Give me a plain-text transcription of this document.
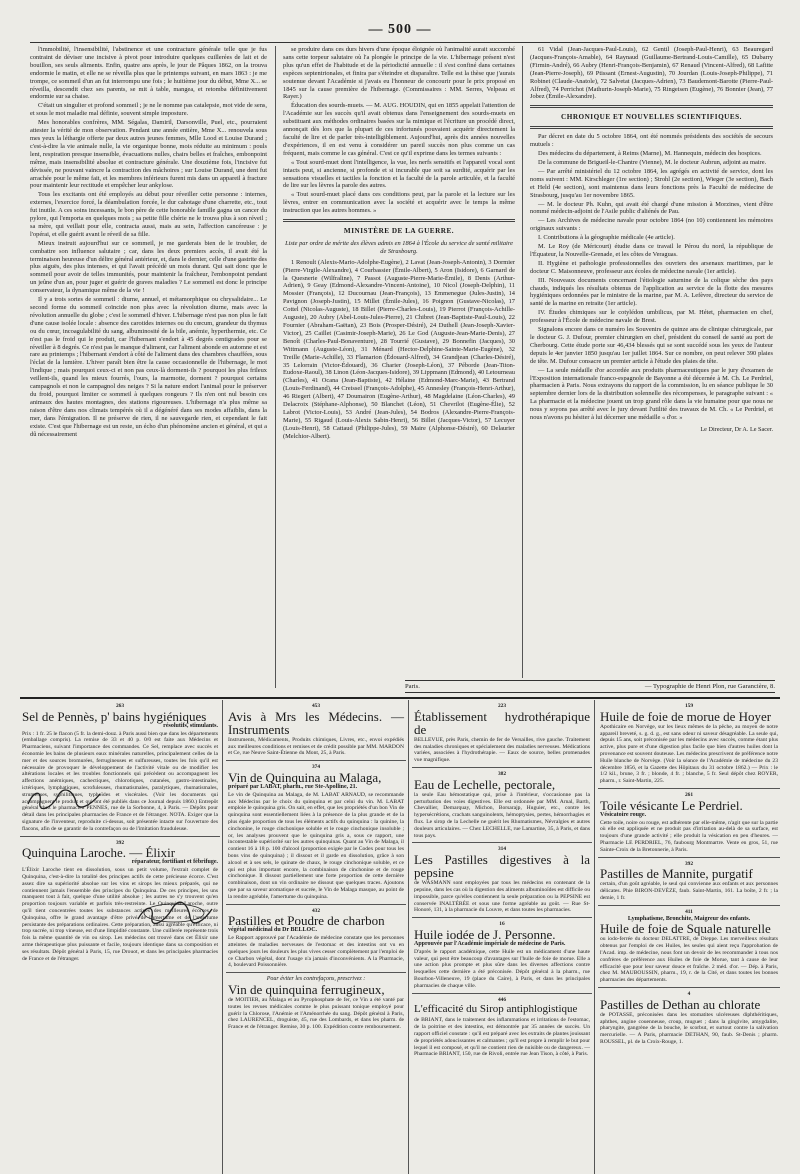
— 500 —

l'immobilité, l'insensibilité, l'abstinence et une contracture générale telle que je fus contraint de déviser une incisive à pivot pour introduire quelques cuillerées de lait et de bouillon, ses seuls aliments. Enfin, quatre ans après, le jour de Pâques 1862, on la trouva endormie le matin, et elle ne se réveilla plus que le printemps suivant, en mars 1863 : je me trompe, ce sommeil d'un an fut interrompu une fois ; le huitième jour du début, Mme X... se réveilla, descendit chez ses parents, se mit à table, mangea, et retomba définitivement endormie sur sa chaise.

C'était un singulier et profond sommeil ; je ne le nomme pas catalepsie, mot vide de sens, et sous le mot maladie mal définie, souvent simple imposture.

Mes honorables confrères, MM. Ségalas, Damiril, Darsonville, Puel, etc., pourraient attester la vérité de mon observation. Pendant une année entière, Mme X... renouvela sous mes yeux la léthargie offerte par deux autres jeunes femmes, Mlle Lood et Louise Durand ; c'est-à-dire la vie animale nulle, la vie organique bonne, mois réduite au minimum : pouls lent, respiration presque insensible, évacuations nulles, chairs belles et fraîches, embonpoint même, mais insensibilité absolue et contracture générale. Une douzième fois, l'incisive fut dévissée, ne pouvant vaincre la contraction des mâchoires ; sur Louise Durand, une dent fut arrachée pour le même fait, et les membres inférieurs furent mis dans un appareil à fracture pour maintenir leur rectitude et empêcher leur ankylose.

Tous les excitants ont été employés au début pour réveiller cette personne : internes, externes, l'exercice forcé, la déambulation forcée, le dur cahotage d'une charrette, etc., tout fut inutile. A ces soins incessants, le bon père de cette honorable famille gagna un cancer du pylore, qui l'emporta en quelques mois ; sa petite fille chérie ne le trouva plus à son réveil ; sa mère, qui veillait pour elle, contracta aussi, mais au sein, l'affection cancéreuse : je l'opérai, et elle guérit avant le réveil de sa fille.

Mieux instruit aujourd'hui sur ce sommeil, je me garderais bien de le troubler, de combattre son influence salutaire ; car, dans les deux premiers accès, il avait été la terminaison heureuse d'un délire général antérieur, et, dans le dernier, celle d'une gastrite des plus aiguës, des plus intenses, et qui l'avait précédé un mois durant. Qui sait donc que le sommeil pour avoir de telles immunités, pour maintenir la fraîcheur, l'embonpoint pendant un jeûne d'un an, pour juger et guérir de graves maladies ? Le sommeil est donc le principe conservateur, la dynamique même de la vie !

Il y a trois sortes de sommeil : diurne, annuel, et métamorphique ou chrysalidaire... Le second forme du sommeil coïncide non plus avec la révolution diurne, mais avec la révolution annuelle du globe ; c'est le sommeil d'hiver. L'hibernage n'est pas non plus le fait d'une cause isolée locale : absence des carotides internes ou du cœcum, grandeur du thymus ou du cœur, incoagulabilité du sang, albuminosité de la bile, anémie, hyperthermie, etc. Ce n'est pas le froid qui le produit, car l'hibernant s'endort à 45 degrés centigrades pour se réveiller à 8 degrés. Ce n'est pas le manque d'aliment, car l'aliment abonde en automne et est rare au printemps ; l'hibernant s'endort à côté de l'aliment dans des chambres chauffées, sous l'éclat de la lumière. L'hiver paraît bien être la cause occasionnelle de l'hibernage, le mot l'indique ; mais pourquoi ceux-ci et non pas ceux-là dorment-ils ? pourquoi les plus frileux veillent-ils, quand les mieux fourrés, l'ours, la marmotte, dorment ? pourquoi certains campagnols et non le campagnol des neiges ? Si la nature endort l'animal pour le préserver du froid, pourquoi limiter ce sommeil à quelques rongeurs ? Ils n'en ont nul besoin ces animaux des hautes montagnes, des stations rigoureuses. L'hibernage n'a plus même sa raison d'être dans nos climats tempérés où il a dégénéré dans ses modes affaiblis, dans la mer, dans l'émigration. Il ne préserve de rien, il ne sauvegarde rien, et cependant le fait existe. C'est que l'hibernage est un reste, un écho d'un phénomène ancien et général, et qui a dû nécessairement

se produire dans ces durs hivers d'une époque éloignée où l'animalité aurait succombé sans cette torpeur salutaire où l'a plongée le principe de la vie. L'hibernage présent n'est plus qu'un effet de l'habitude et de la périodicité annuelle : il s'est confiné dans certaines espèces septentrionales, et finira par s'éteindre et disparaître. Telle est la thèse que j'aurais soutenue devant l'Académie si j'avais eu l'honneur de concourir pour le prix proposé en 1845 sur la cause première de l'hibernage. (Commissaires : MM. Serres, Velpeau et Rayer.)

Éducation des sourds-muets. — M. AUG. HOUDIN, qui en 1855 appelait l'attention de l'Académie sur les succès qu'il avait obtenus dans l'enseignement des sourds-muets en substituant aux méthodes ordinaires basées sur la mimique et l'écriture un procédé direct, annonçait dès lors que la plupart de ces infortunés pouvaient acquérir directement la faculté de lire et de parler très-intelligiblement. Aujourd'hui, après dix années nouvelles d'expériences, il en est venu à considérer un pareil succès non plus comme un cas fréquent, mais comme le cas général. C'est ce qu'il exprime dans les termes suivants :

« Tout sourd-muet dont l'intelligence, la vue, les nerfs sensitifs et l'appareil vocal sont intacts peut, si ancienne, si profonde et si incurable que soit sa surdité, acquérir par les sensations visuelles et tactiles la fonction et la faculté de la parole articulée, et la faculté de lire sur les lèvres la parole des autres.

« Tout sourd-muet placé dans ces conditions peut, par la parole et la lecture sur les lèvres, entrer en communication avec la société et acquérir avec le temps la même instruction que les autres hommes. »

MINISTÈRE DE LA GUERRE.
Liste par ordre de mérite des élèves admis en 1864 à l'École du service de santé militaire de Strasbourg.

1 Renoult (Alexis-Mario-Adolphe-Eugène), 2 Lavat (Jean-Joseph-Antonin), 3 Dormier (Pierre-Virgile-Alexandre), 4 Courbassier (Émile-Albert), 5 Aron (Isidore), 6 Garnard de la Quesnerie (Wilfraline), 7 Passot (Auguste-Pierre-Marie-Émile), 8 Denis (Arthur-Adrien), 9 Geay (Edmond-Alexandre-Vincent-Antoine), 10 Nicol (Joseph-Delphin), 11 Mossier (François), 12 Ducournau (Jean-François), 13 Emmenegue (Jules-Justin), 14 Pavignon (Joseph-Justin), 15 Millet (Émile-Jules), 16 Poignon (Gustave-Nicolas), 17 Cottel (Nicolas-Auguste), 18 Billet (Pierre-Charles-Louis), 19 Pierrot (François-Achille-Auguste), 20 Aubry (Abel-Louis-Jules-Pierre), 21 Chibret (Jean-Baptiste-Paul-Louis), 22 Fournier (Abraham-Gaëtan), 23 Bois (Prosper-Désiré), 24 Duthell (Jean-Joseph-Xavier-Victor), 25 Caillet (Casimir-Joseph-Marie), 26 Le God (Auguste-Jean-Marie-Denis), 27 Benoît (Charles-Paul-Bonaventure), 28 Tourrié (Gustave), 29 Bonnefin (Jacques), 30 Wittmann (Auguste-Léon), 31 Ménard (Hector-Delphine-Sainte-Marie-Eugène), 32 Treille (Marie-Achille), 33 Flamarion (Édouard-Alfred), 34 Grandjean (Charles-Désiré), 35 Lelorrain (Victor-Édouard), 36 Charier (Joseph-Léon), 37 Péborde (Jean-Titon-Eudoxe-Raoul), 38 Linon (Léon-Jacques-Isidore), 39 Lippmann (Edmond), 40 Letourneau (Charles), 41 Ocana (Jean-Baptiste), 42 Hélaine (Edmond-Marc-Marie), 43 Bertrand (Louis-Ferdinand), 44 Creissel (François-Adolphe), 45 Annesley (François-Henri-Arthur), 46 Riegert (Albert), 47 Doumairon (Eugène-Arthur), 48 Magdelaine (Léon-Charles), 49 Delacroix (Stéphane-Alphonse), 50 Blanchet (Léon), 51 Chevrilot (Eugène-Élie), 52 Labrot (Victor-Louis), 53 André (Jean-Jules), 54 Bodros (Alexandre-Pierre-François-Marie), 55 Rigaud (Louis-Alexis Sabin-Henri), 56 Billet (Jacques-Victor), 57 Lecuyer (Louis-Henri), 58 Cattaud (Philippe-Jules), 59 Maire (Alphonse-Désiré), 60 Delaurier (Melchior-Albert).

61 Vidal (Jean-Jacques-Paul-Louis), 62 Gentil (Joseph-Paul-Henri), 63 Beauregard (Jacques-François-Amable), 64 Raynaud (Guillaume-Bertrand-Louis-Camille), 65 Dubarry (Firmin-André), 66 Aubry (Henri-François-Benjamin), 67 Renaud (Vincent-Alfred), 68 Lafitte (Jean-Pierre-Joseph), 69 Ptissant (Ernest-Augustin), 70 Jourdan (Louis-Joseph-Philippe), 71 Robinet (Claude-Anatole), 72 Salvetat (Jacques-Adrien), 73 Baudemont-Barotte (Pierre-Paul-Alfred), 74 Perrichot (Mathurin-Joseph-Marie), 75 Ringeisen (Eugène), 76 Bonnier (Jean), 77 Jobez (Émile-Alexandre).

CHRONIQUE ET NOUVELLES SCIENTIFIQUES.

Par décret en date du 5 octobre 1864, ont été nommés présidents des sociétés de secours mutuels :

Des médecins du département, à Reims (Marne), M. Hannequin, médecin des hospices.

De la commune de Brigueil-le-Chantre (Vienne), M. le docteur Aubrun, adjoint au maire.

— Par arrêté ministériel du 12 octobre 1864, les agrégés en activité de service, dont les noms suivent : MM. Kirschleger (1re section) ; Strohl (2e section), Wieger (3e section), Bach et Held (4e section), sont maintenus dans leurs fonctions près la Faculté de médecine de Strasbourg, jusqu'au 1er novembre 1865.

— M. le docteur Ph. Kuhn, qui avait été chargé d'une mission à Morzines, vient d'être nommé médecin-adjoint de l'Asile public d'aliénés de Pau.

— Les Archives de médecine navale pour octobre 1864 (no 10) contiennent les mémoires originaux suivants :

I. Contributions à la géographie médicale (4e article).

M. Le Roy (de Méricourt) étudie dans ce travail le Pérou du nord, la république de l'Équateur, la Nouvelle-Grenade, et les côtes de Veraguas.

II. Hygiène et pathologie professionnelles des ouvriers des arsenaux maritimes, par le docteur C. Maisonneuve, professeur aux écoles de médecine navale (1er article).

III. Nouveaux documents concernant l'étiologie saturnine de la colique sèche des pays chauds, indiqués les résultats obtenus de l'application au service de la flotte des mesures hygiéniques ordonnées par le ministre de la marine, par M. A. Lefèvre, directeur du service de santé de la marine en retraite (1er article).

IV. Études chimiques sur le cotylédon umbilicus, par M. Hétet, pharmacien en chef, professeur à l'École de médecine navale de Brest.

Signalons encore dans ce numéro les Souvenirs de quinze ans de clinique chirurgicale, par le docteur G. J. Dufour, premier chirurgien en chef, président du conseil de santé au port de Cherbourg. Cette étude porte sur 46,434 blessés qui se sont succédé sous les yeux de l'auteur depuis le 4er janvier 1850 jusqu'au 1er juillet 1864. Sur ce nombre, on peut relever 390 plaies de tête. M. Dufour consacre un premier article à l'étude des plaies de tête.

— La seule médaille d'or accordée aux produits pharmaceutiques par le jury d'examen de l'Exposition internationale franco-espagnole de Bayonne a été décernée à M. Ch. Le Perdriel, pharmacien à Paris. Nous extrayons du rapport de la commission, lu en séance publique le 30 septembre dernier lors de la distribution solennelle des récompenses, le paragraphe suivant : « La pharmacie et la médecine jouent un trop grand rôle dans la vie humaine pour que nous ne nous y soyons pas arrêté avec le jury devant l'utilité des travaux de M. Ch. « Le Perdriel, et nous n'avons pu hésiter à lui décerner une médaille « d'or. »

Le Directeur, Dr A. Le Sacer.
Paris.	— Typographie de Henri Plon, rue Garancière, 8.
263
Sel de Pennès, p' bains hygiéniques
résolutifs, stimulants.
Prix : 1 fr. 25 le flacon (5 fr. la demi-douz. à Paris aussi bien que dans les départements (emballage compris). La remise de 33 et 40 p. 0/0 est faite aux Médecins et Pharmaciens, suivant l'importance des commandes. Ce Sel, remplace avec succès et économie les bains de plusieurs eaux minérales naturelles, principalement celles de la mer et des sources bromurées, ferrugineuses et sulfureuses, toutes les fois qu'il est nécessaire de provoquer le développement de l'activité vitale ou de modifier les altérations locales et les troubles fonctionnels qui précèdent ou accompagnent les affections anémiques, cachectiques, chlorotiques, cutanées, gastro-intestinales, ictériques, lymphatiques, scrofuleuses, rhumatismales, paralytiques, rhumatismales, strumeuses, syphilitiques, typhoïdes et viscérales. (Voir les documents qui accompagnent le produit et qui ont été publiés dans ce Journal depuis 1860.) Entrepôt général chez le pharmacien PENNES, rue de la Sorbonne, 4, à Paris. — Dépôts pour détail dans les principales pharmacies de France et de l'étranger. NOTA. Exiger que la signature de l'inventeur, reproduite ci-dessus, soit présentée intacte sur l'ouverture des flacons, afin de se garantir de la contrefaçon ou de l'imitation frauduleuse.
392
Quinquina Laroche. — Élixir
réparateur, fortifiant et fébrifuge.
L'Élixir Laroche tient en dissolution, sous un petit volume, l'extrait complet de Quinquina, c'est-à-dire la totalité des principes actifs de cette précieuse écorce. C'est assez dire sa supériorité absolue sur les vins et sirops les mieux préparés, qui ne contiennent jamais l'ensemble des principes du Quinquina. De ces principes, les uns manquent tout à fait, quelque d'une utilité absolue ; les autres ne s'y trouvent qu'en proportion toujours variable et parfois très-restreinte. Le Quinquina Laroche, outre qu'il tient concentrées toutes les substances actives des meilleures écorces de Quinquina, offre le grand avantage d'être privé de l'amertume et de l'amertume persistante des préparations ordinaires. Cette préparation, aussi agréable qu'efficace, ni trop sucrée, ni trop vineuse, est d'une limpidité constante. Une cuillerée représente trois fois la même quantité de vin ou sirop. Les médecins ont trouvé dans cet Élixir une arme thérapeutique plus puissante et facile, toujours identique dans sa composition et ses résultats. Dépôt général à Paris, 15, rue Drouot, et dans les principales pharmacies de France et de l'étranger.
453
Avis à Mrs les Médecins. — Instruments
Instruments, Médicaments, Produits chimiques, Livres, etc., envoi expédiés aux meilleures conditions et remises et de crédit possible par MM. MARDON et Ce, rue Neuve Saint-Étienne du Mont, 25, à Paris.
374
Vin de Quinquina au Malaga,
préparé par LABAT, pharm., rue Ste-Apolline, 21.
Le vin de Quinquina au Malaga, de M. LABAT ARNAUD, se recommande aux Médecins par le choix du quinquina et par celui du vin. M. LABAT emploie le quinquina gris. On sait, en effet, que les propriétés d'un bon Vin de quinquina sont essentiellement liées à la présence de la plus grande et de la plus égale proportion de tous les éléments actifs du quinquina : la quinine, la cinchonine, le rouge cinchonique soluble et le rouge cinchonique insoluble ; or, les analyses prouvent que le quinquina gris a, sous ce rapport, une incontestable supériorité sur les autres quinquinas. Quant au Vin de Malaga, il contient 16 à 18 p. 100 d'alcool (proportion exigée par le Codex pour tous les bons vins de quinquina) ; il dissout et il garde en dissolution, grâce à son alcool et à ses sels, le quinate de chaux, le rouge cinchonique soluble, et ce qui est plus important encore, la combinaison de cinchonine et de rouge cinchonique. Il dissout partiellement une forte proportion de cette dernière combinaison, dont un vin ordinaire ne dissout que quelques traces. Ajoutons que par sa saveur aromatique et sucrée, le Vin de Malaga masque, au point de la rendre agréable, l'amertume du quinquina.
432
Pastilles et Poudre de charbon
végétal médicinal du Dr BELLOC.
Le Rapport approuvé par l'Académie de médecine constate que les personnes atteintes de maladies nerveuses de l'estomac et des intestins ont vu en quelques jours les douleurs les plus vives cesser complètement par l'emploi de ce Charbon végétal, dont l'usage n'a jamais d'inconvénients. A la Pharmacie, 4, boulevard Poissonnière.
Pour éviter les contrefaçons, prescrivez :
Vin de quinquina ferrugineux,
de MOITIER, au Malaga et au Pyrophosphate de fer, ce Vin a été vanté par toutes les revues médicales comme le plus puissant tonique employé pour guérir la Chlorose, l'Anémie et l'Aménorrhée du sang. Dépôt général à Paris, chez LAURENCEL, droguiste, 45, rue des Lombards, et dans les pharm. de France et de l'étranger. Remise, 30 p. 100. Expédition contre remboursement.
223
Établissement hydrothérapique de
BELLEVUE, près Paris, chemin de fer de Versailles, rive gauche. Traitement des maladies chroniques et spécialement des maladies nerveuses. Médications variées, associées à l'hydrothérapie. — Eaux de source, belles promenades vue magnifique.
382
Eau de Lechelle, pectorale,
la seule Eau hémostatique qui, prise à l'intérieur, s'occasionne pas la perturbation des voies digestives. Elle est ordonnée par MM. Arnal, Barth, Chevallier, Demarquay, Michon, Borsarajp, Huguier, etc., contre les hypersécrétions, crachats sanguinolents, hémoptysies, pertes, hémorrhagies et flux. Le sirop de la Lechelle ne guérit les Rhumatismes, Névralgies et autres douleurs articulaires. — Chez LECHELLE, rue Lamartine, 35, à Paris, et dans tous pays.
314
Les Pastilles digestives à la pepsine
de WASMANN sont employées par tous les médecins en contenant de la pepsine, dans les cas où la digestion des aliments albuminoïdes est difficile ou impossible, parce qu'elles contiennent la seule préparation ou la PEPSINE est conservée INALTÉRÉE et sous une forme agréable au goût. — Rue St-Honoré, 131, à la pharmacie du Louvre, et dans toutes les pharmacies.
16
Huile iodée de J. Personne.
Approuvée par l'Académie impériale de médecine de Paris.
D'après le rapport académique, cette Huile est un médicament d'une haute valeur, qui peut être beaucoup d'avantages sur l'huile de foie de morue. Elle a une action plus prompte et plus sûre dans les diverses affections contre lesquelles cette dernière a été préconisée. Dépôt général à la pharm., rue Bourbon-Villeneuve, 19 (place du Caire), à Paris, et dans les principales pharmacies de chaque ville.
446
L'efficacité du Sirop antiphlogistique
de BRIANT, dans le traitement des inflammations et irritations de l'estomac, de la poitrine et des intestins, est démontrée par 35 années de succès. Un rapport officiel constate : qu'il est préparé avec les extraits de plantes jouissant de propriétés adoucissantes et calmantes ; qu'il est propre à remplir le but pour lequel il est composé, et qu'il ne contient rien de nuisible ou de dangereux. — Pharmacie BRIANT, 150, rue de Rivoli, entrée rue Jean Tison, à côté, à Paris.
159
Huile de foie de morue de Hoyer
Apothicaire en Norvège, sur les lieux mêmes de la pêche, au moyen de notre appareil breveté, s. g. d. g., est sans odeur ni saveur désagréable. La seule qui, depuis 15 ans, soit préconisée par les médecins avec succès, comme étant plus active, plus pure et d'une digestion plus facile que bien d'autres huiles dont la provenance est souvent douteuse. Les médecins prescrivent de préférence notre Huile blanche de Norvège. (Voir la séance de l'Académie de médecine du 23 décembre 1856, et la Gazette des Hôpitaux du 31 octobre 1862.) — Prix : le 1/2 kil., brune, 3 fr. ; blonde, 4 fr. ; blanche, 5 fr. Seul dépôt chez ROYER, pharm., r. Saint-Martin, 225.
261
Toile vésicante Le Perdriel.
Vésicatoire rouge.
Cette toile, noire ou rouge, est adhérente par elle-même, n'agit que sur la partie où elle est appliquée et ne produit pas d'irritation au-delà de sa surface, est toujours d'une grande activité ; elle produit la vésication en peu d'heures. — Pharmacie LE PERDRIEL, 76, faubourg Montmartre. Vente en gros, 51, rue Sainte-Croix de la Bretonnerie, à Paris.
392
Pastilles de Mannite, purgatif
certain, d'un goût agréable, le seul qui convienne aux enfants et aux personnes délicates. Phie BIRON-DEVÈZE, faub. Saint-Martin, 161. La boîte, 2 fr. ; la demie, 1 fr.
411
Lymphatisme, Bronchite, Maigreur des enfants.
Huile de foie de Squale naturelle
ou iodo-ferrée du docteur DELATTRE, de Dieppe. Les merveilleux résultats obtenus par l'emploi de ces Huiles, les seules qui aient reçu l'approbation de l'Acad. imp. de médecine, nous font un devoir de les recommander à tous nos confrères de préférence aux Huiles de foie de Morue, tant à cause de leur efficacité que pour leur saveur douce et fraîche. 2 méd. d'or. — Dép. à Paris, chez M. MAUBOUSSIN, pharm., 19, r. de la Cité, et dans toutes les bonnes pharmacies des départements.
4
Pastilles de Dethan au chlorate
de POTASSE, préconisées dans les stomatites ulcéreuses diphthéritiques, aphthes, angine couenneuse, croup, muguet ; dans la gingivite, amygdalite, pharyngite, gangrène de la bouche, le scorbut, et surtout contre la salivation mercurielle. — A Paris, pharmacie DETHAN, 90, faub. St-Denis ; pharm. ROUSSEL, pl. de la Croix-Rouge, 1.
